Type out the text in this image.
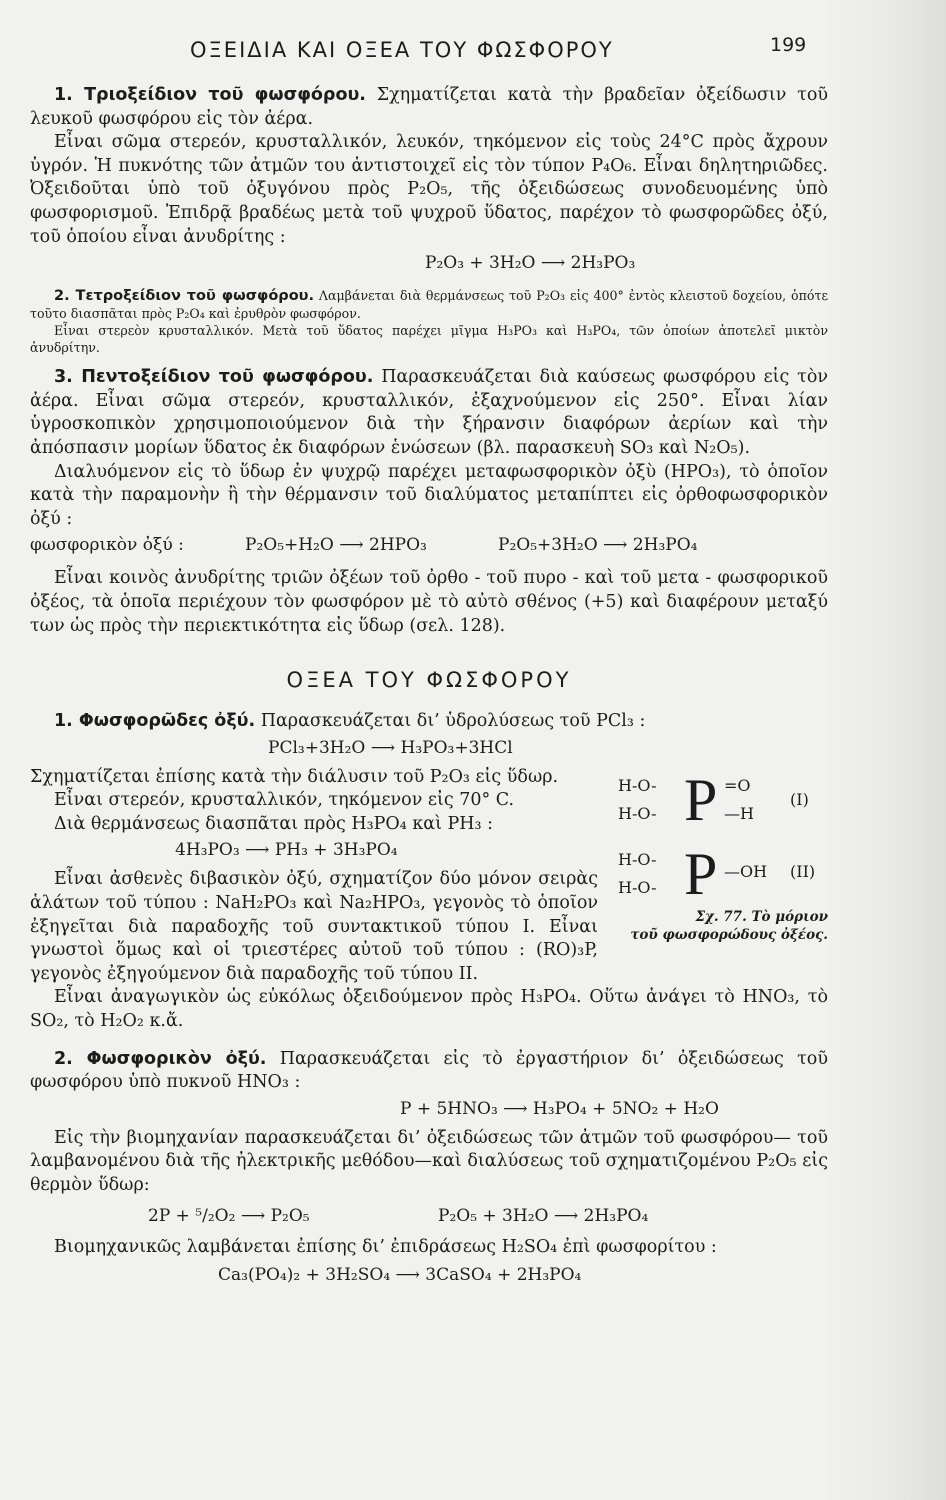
ΟΞΕΙΔΙΑ ΚΑΙ ΟΞΕΑ ΤΟΥ ΦΩΣΦΟΡΟΥ	199

1. Τριοξείδιον τοῦ φωσφόρου. Σχηματίζεται κατὰ τὴν βραδεῖαν ὀξείδωσιν τοῦ λευκοῦ φωσφόρου εἰς τὸν ἀέρα.

Εἶναι σῶμα στερεόν, κρυσταλλικόν, λευκόν, τηκόμενον εἰς τοὺς 24°C πρὸς ἄχρουν ὑγρόν. Ἡ πυκνότης τῶν ἀτμῶν του ἀντιστοιχεῖ εἰς τὸν τύπον P₄O₆. Εἶναι δηλητηριῶδες. Ὀξειδοῦται ὑπὸ τοῦ ὀξυγόνου πρὸς P₂O₅, τῆς ὀξειδώσεως συνοδευομένης ὑπὸ φωσφορισμοῦ. Ἐπιδρᾷ βραδέως μετὰ τοῦ ψυχροῦ ὕδατος, παρέχον τὸ φωσφορῶδες ὀξύ, τοῦ ὁποίου εἶναι ἀνυδρίτης :

P₂O₃ + 3H₂O ⟶ 2H₃PO₃

2. Τετροξείδιον τοῦ φωσφόρου. Λαμβάνεται διὰ θερμάνσεως τοῦ P₂O₃ εἰς 400° ἐντὸς κλειστοῦ δοχείου, ὁπότε τοῦτο διασπᾶται πρὸς P₂O₄ καὶ ἐρυθρὸν φωσφόρον.

Εἶναι στερεὸν κρυσταλλικόν. Μετὰ τοῦ ὕδατος παρέχει μῖγμα H₃PO₃ καὶ H₃PO₄, τῶν ὁποίων ἀποτελεῖ μικτὸν ἀνυδρίτην.

3. Πεντοξείδιον τοῦ φωσφόρου. Παρασκευάζεται διὰ καύσεως φωσφόρου εἰς τὸν ἀέρα. Εἶναι σῶμα στερεόν, κρυσταλλικόν, ἐξαχνούμενον εἰς 250°. Εἶναι λίαν ὑγροσκοπικὸν χρησιμοποιούμενον διὰ τὴν ξήρανσιν διαφόρων ἀερίων καὶ τὴν ἀπόσπασιν μορίων ὕδατος ἐκ διαφόρων ἑνώσεων (βλ. παρασκευὴ SO₃ καὶ N₂O₅).

Διαλυόμενον εἰς τὸ ὕδωρ ἐν ψυχρῷ παρέχει μεταφωσφορικὸν ὀξὺ (HPO₃), τὸ ὁποῖον κατὰ τὴν παραμονὴν ἢ τὴν θέρμανσιν τοῦ διαλύματος μεταπίπτει εἰς ὀρθοφωσφορικὸν ὀξύ :

φωσφορικὸν ὀξύ :	P₂O₅+H₂O ⟶ 2HPO₃	P₂O₅+3H₂O ⟶ 2H₃PO₄

Εἶναι κοινὸς ἀνυδρίτης τριῶν ὀξέων τοῦ ὀρθο - τοῦ πυρο - καὶ τοῦ μετα - φωσφορικοῦ ὀξέος, τὰ ὁποῖα περιέχουν τὸν φωσφόρον μὲ τὸ αὐτὸ σθένος (+5) καὶ διαφέρουν μεταξύ των ὡς πρὸς τὴν περιεκτικότητα εἰς ὕδωρ (σελ. 128).

ΟΞΕΑ ΤΟΥ ΦΩΣΦΟΡΟΥ

1. Φωσφορῶδες ὀξύ. Παρασκευάζεται δι’ ὑδρολύσεως τοῦ PCl₃ :

PCl₃+3H₂O ⟶ H₃PO₃+3HCl
H-O-
H-O- P =O
—H
(I)
H-O-
H-O- P —OH (II)
Σχ. 77. Τὸ μόριον
τοῦ φωσφορώδους ὀξέος.

Σχηματίζεται ἐπίσης κατὰ τὴν διάλυσιν τοῦ P₂O₃ εἰς ὕδωρ.

Εἶναι στερεόν, κρυσταλλικόν, τηκόμενον εἰς 70° C.

Διὰ θερμάνσεως διασπᾶται πρὸς H₃PO₄ καὶ PH₃ :

4H₃PO₃ ⟶ PH₃ + 3H₃PO₄

Εἶναι ἀσθενὲς διβασικὸν ὀξύ, σχηματίζον δύο μόνον σειρὰς ἁλάτων τοῦ τύπου : NaH₂PO₃ καὶ Na₂HPO₃, γεγονὸς τὸ ὁποῖον ἐξηγεῖται διὰ παραδοχῆς τοῦ συντακτικοῦ τύπου I. Εἶναι γνωστοὶ ὅμως καὶ οἱ τριεστέρες αὐτοῦ τοῦ τύπου : (RO)₃P, γεγονὸς ἐξηγούμενον διὰ παραδοχῆς τοῦ τύπου II.

Εἶναι ἀναγωγικὸν ὡς εὐκόλως ὀξειδούμενον πρὸς H₃PO₄. Οὕτω ἀνάγει τὸ HNO₃, τὸ SO₂, τὸ H₂O₂ κ.ἄ.

2. Φωσφορικὸν ὀξύ. Παρασκευάζεται εἰς τὸ ἐργαστήριον δι’ ὀξειδώσεως τοῦ φωσφόρου ὑπὸ πυκνοῦ HNO₃ :

P + 5HNO₃ ⟶ H₃PO₄ + 5NO₂ + H₂O

Εἰς τὴν βιομηχανίαν παρασκευάζεται δι’ ὀξειδώσεως τῶν ἀτμῶν τοῦ φωσφόρου— τοῦ λαμβανομένου διὰ τῆς ἠλεκτρικῆς μεθόδου—καὶ διαλύσεως τοῦ σχηματιζομένου P₂O₅ εἰς θερμὸν ὕδωρ:

2P + ⁵/₂O₂ ⟶ P₂O₅	P₂O₅ + 3H₂O ⟶ 2H₃PO₄

Βιομηχανικῶς λαμβάνεται ἐπίσης δι’ ἐπιδράσεως H₂SO₄ ἐπὶ φωσφορίτου :

Ca₃(PO₄)₂ + 3H₂SO₄ ⟶ 3CaSO₄ + 2H₃PO₄
